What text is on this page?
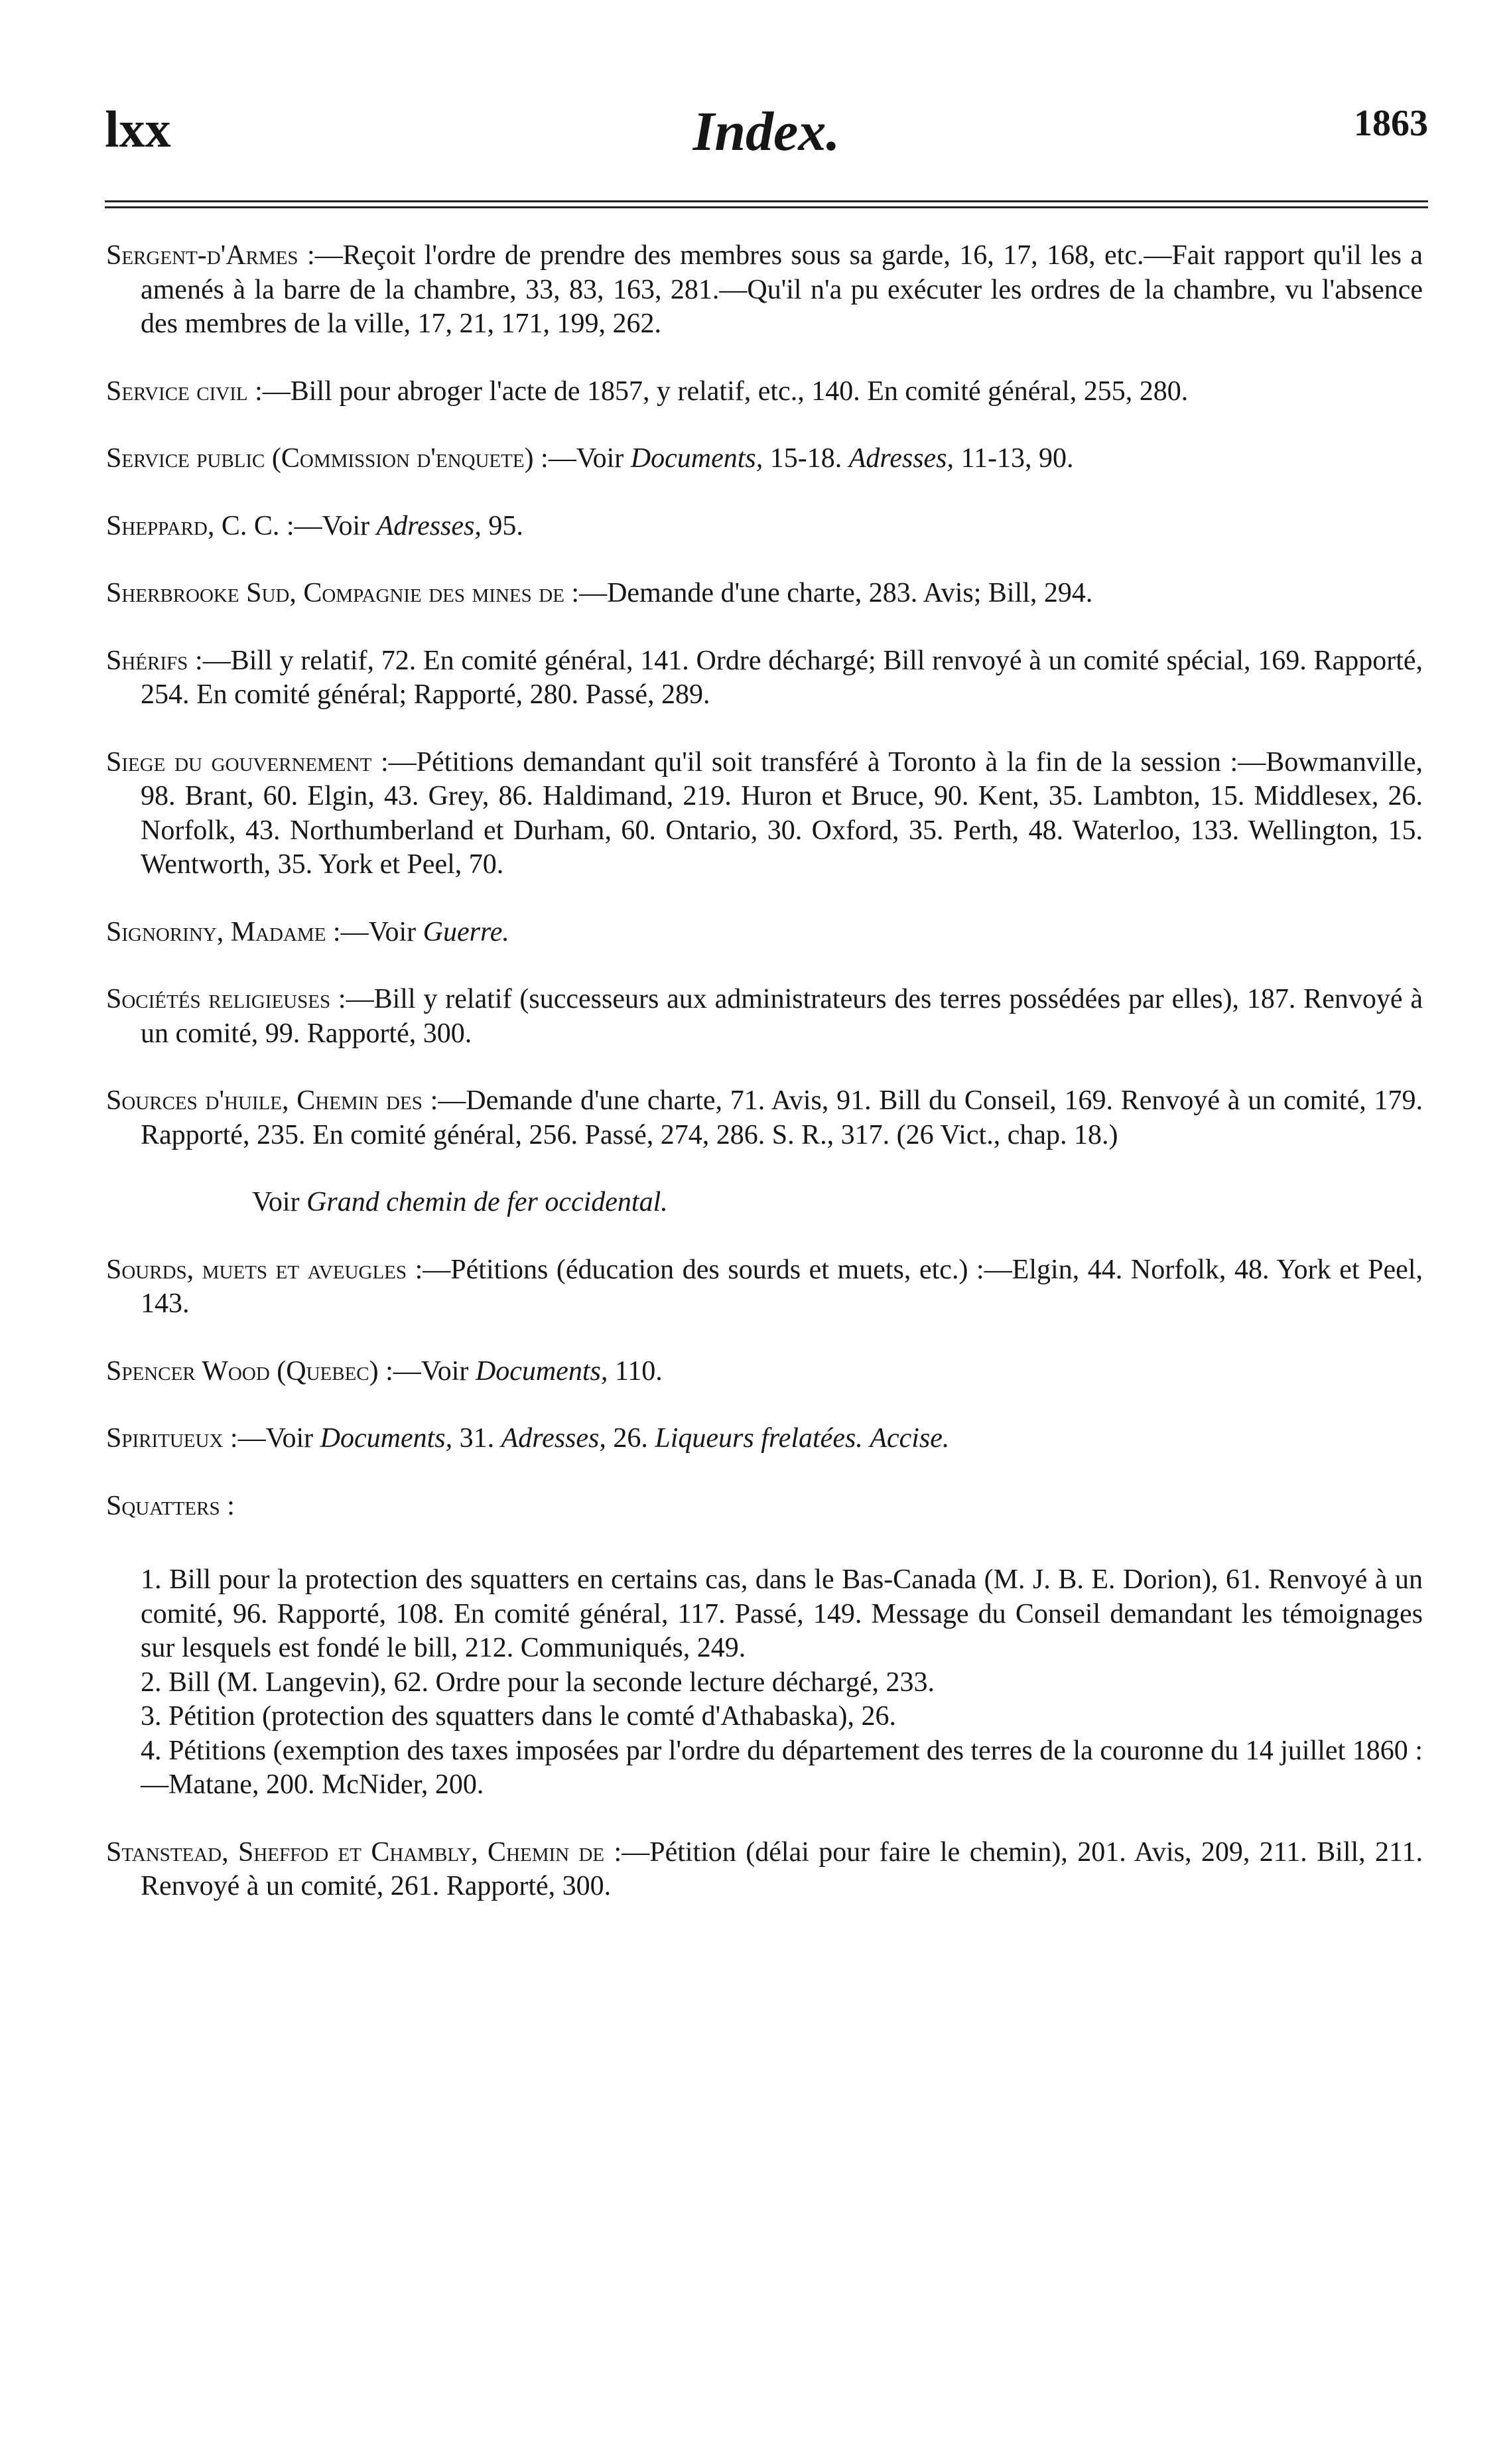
lxx	Index.	1863

Sergent-d'Armes :—Reçoit l'ordre de prendre des membres sous sa garde, 16, 17, 168, etc.—Fait rapport qu'il les a amenés à la barre de la chambre, 33, 83, 163, 281.—Qu'il n'a pu exécuter les ordres de la chambre, vu l'absence des membres de la ville, 17, 21, 171, 199, 262.

Service civil :—Bill pour abroger l'acte de 1857, y relatif, etc., 140. En comité général, 255, 280.

Service public (Commission d'enquete) :—Voir Documents, 15-18. Adresses, 11-13, 90.

Sheppard, C. C. :—Voir Adresses, 95.

Sherbrooke Sud, Compagnie des mines de :—Demande d'une charte, 283. Avis; Bill, 294.

Shérifs :—Bill y relatif, 72. En comité général, 141. Ordre déchargé; Bill renvoyé à un comité spécial, 169. Rapporté, 254. En comité général; Rapporté, 280. Passé, 289.

Siege du gouvernement :—Pétitions demandant qu'il soit transféré à Toronto à la fin de la session :—Bowmanville, 98. Brant, 60. Elgin, 43. Grey, 86. Haldimand, 219. Huron et Bruce, 90. Kent, 35. Lambton, 15. Middlesex, 26. Norfolk, 43. Northumberland et Durham, 60. Ontario, 30. Oxford, 35. Perth, 48. Waterloo, 133. Wellington, 15. Wentworth, 35. York et Peel, 70.

Signoriny, Madame :—Voir Guerre.

Sociétés religieuses :—Bill y relatif (successeurs aux administrateurs des terres possédées par elles), 187. Renvoyé à un comité, 99. Rapporté, 300.

Sources d'huile, Chemin des :—Demande d'une charte, 71. Avis, 91. Bill du Conseil, 169. Renvoyé à un comité, 179. Rapporté, 235. En comité général, 256. Passé, 274, 286. S. R., 317. (26 Vict., chap. 18.)

Voir Grand chemin de fer occidental.

Sourds, muets et aveugles :—Pétitions (éducation des sourds et muets, etc.) :—Elgin, 44. Norfolk, 48. York et Peel, 143.

Spencer Wood (Quebec) :—Voir Documents, 110.

Spiritueux :—Voir Documents, 31. Adresses, 26. Liqueurs frelatées. Accise.

Squatters :

1. Bill pour la protection des squatters en certains cas, dans le Bas-Canada (M. J. B. E. Dorion), 61. Renvoyé à un comité, 96. Rapporté, 108. En comité général, 117. Passé, 149. Message du Conseil demandant les témoignages sur lesquels est fondé le bill, 212. Communiqués, 249.

2. Bill (M. Langevin), 62. Ordre pour la seconde lecture déchargé, 233.

3. Pétition (protection des squatters dans le comté d'Athabaska), 26.

4. Pétitions (exemption des taxes imposées par l'ordre du département des terres de la couronne du 14 juillet 1860 :—Matane, 200. McNider, 200.

Stanstead, Sheffod et Chambly, Chemin de :—Pétition (délai pour faire le chemin), 201. Avis, 209, 211. Bill, 211. Renvoyé à un comité, 261. Rapporté, 300.
